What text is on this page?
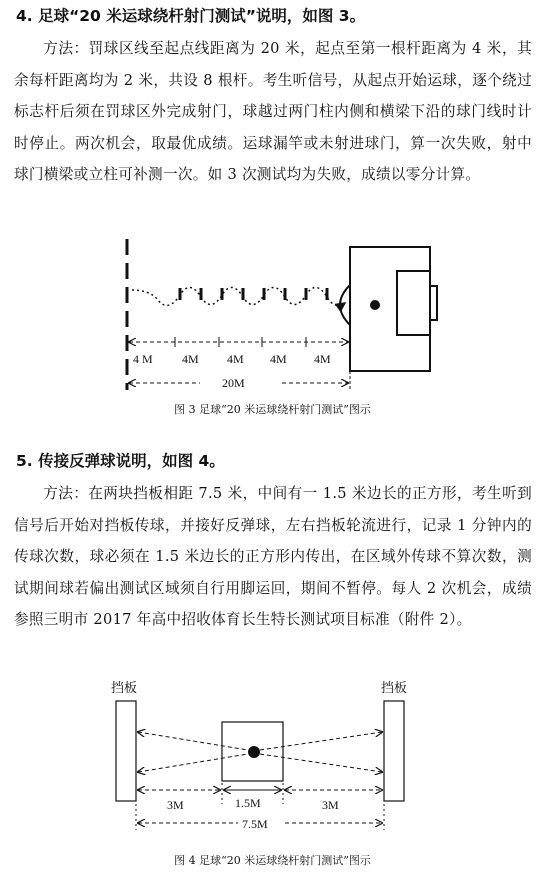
4. 足球“20 米运球绕杆射门测试”说明，如图 3。

方法：罚球区线至起点线距离为 20 米，起点至第一根杆距离为 4 米，其余每杆距离均为 2 米，共设 8 根杆。考生听信号，从起点开始运球，逐个绕过标志杆后须在罚球区外完成射门，球越过两门柱内侧和横梁下沿的球门线时计时停止。两次机会，取最优成绩。运球漏竿或未射进球门，算一次失败，射中球门横梁或立柱可补测一次。如 3 次测试均为失败，成绩以零分计算。

4 M 4M 4M 4M 4M
20M
图 3 足球“20 米运球绕杆射门测试”图示
5. 传接反弹球说明，如图 4。

方法：在两块挡板相距 7.5 米，中间有一 1.5 米边长的正方形，考生听到信号后开始对挡板传球，并接好反弹球，左右挡板轮流进行，记录 1 分钟内的传球次数，球必须在 1.5 米边长的正方形内传出，在区域外传球不算次数，测试期间球若偏出测试区域须自行用脚运回，期间不暂停。每人 2 次机会，成绩参照三明市 2017 年高中招收体育长生特长测试项目标准（附件 2）。

挡板	挡板
3M	1.5M	3M
7.5M
图 4 足球“20 米运球绕杆射门测试”图示
